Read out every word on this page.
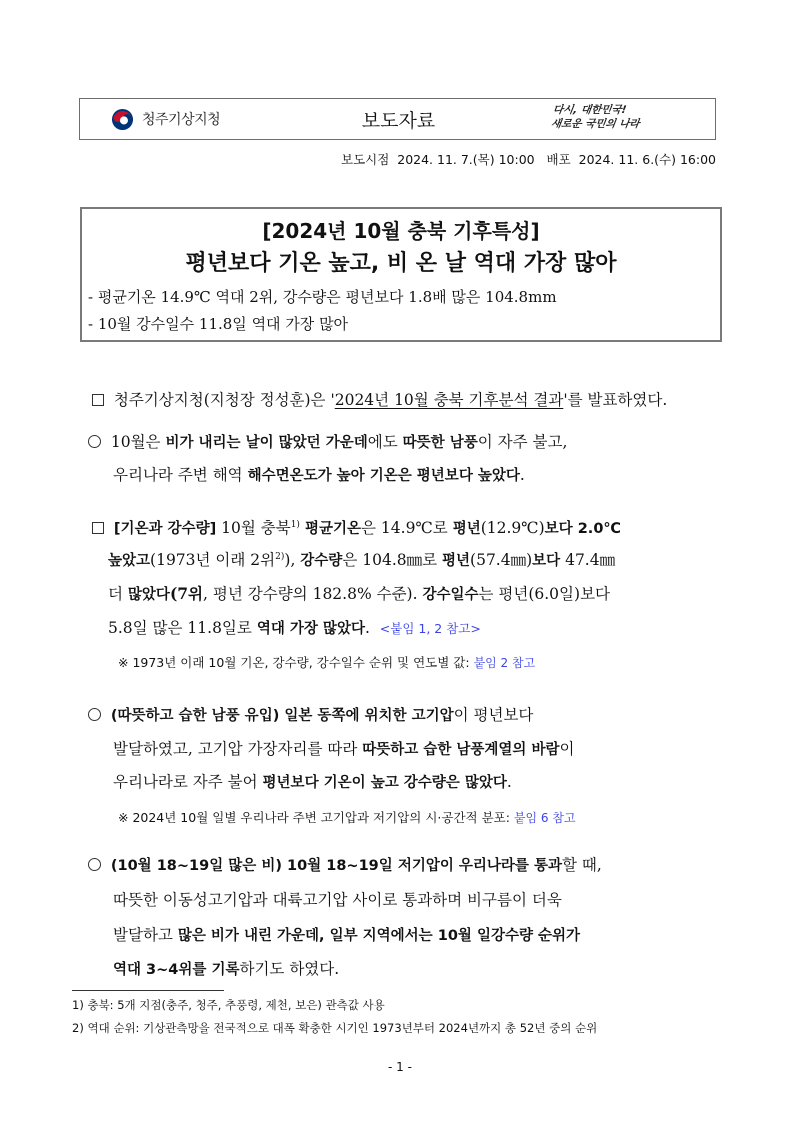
청주기상지청	보도자료	다시, 대한민국!
새로운 국민의 나라
보도시점  2024. 11. 7.(목) 10:00   배포  2024. 11. 6.(수) 16:00
[2024년 10월 충북 기후특성]
평년보다 기온 높고, 비 온 날 역대 가장 많아
- 평균기온 14.9℃ 역대 2위, 강수량은 평년보다 1.8배 많은 104.8mm
- 10월 강수일수 11.8일 역대 가장 많아
청주기상지청(지청장 정성훈)은 '2024년 10월 충북 기후분석 결과'를 발표하였다.
10월은 비가 내리는 날이 많았던 가운데에도 따뜻한 남풍이 자주 불고,
우리나라 주변 해역 해수면온도가 높아 기온은 평년보다 높았다.
[기온과 강수량] 10월 충북$^{1)}$ 평균기온은 14.9℃로 평년(12.9℃)보다 2.0℃
높았고(1973년 이래 2위$^{2)}$), 강수량은 104.8㎜로 평년(57.4㎜)보다 47.4㎜
더 많았다(7위, 평년 강수량의 182.8% 수준). 강수일수는 평년(6.0일)보다
5.8일 많은 11.8일로 역대 가장 많았다. <붙임 1, 2 참고>
※ 1973년 이래 10월 기온, 강수량, 강수일수 순위 및 연도별 값: 붙임 2 참고
(따뜻하고 습한 남풍 유입) 일본 동쪽에 위치한 고기압이 평년보다
발달하였고, 고기압 가장자리를 따라 따뜻하고 습한 남풍계열의 바람이
우리나라로 자주 불어 평년보다 기온이 높고 강수량은 많았다.
※ 2024년 10월 일별 우리나라 주변 고기압과 저기압의 시·공간적 분포: 붙임 6 참고
(10월 18~19일 많은 비) 10월 18~19일 저기압이 우리나라를 통과할 때,
따뜻한 이동성고기압과 대륙고기압 사이로 통과하며 비구름이 더욱
발달하고 많은 비가 내린 가운데, 일부 지역에서는 10월 일강수량 순위가
역대 3~4위를 기록하기도 하였다.
1) 충북: 5개 지점(충주, 청주, 추풍령, 제천, 보은) 관측값 사용
2) 역대 순위: 기상관측망을 전국적으로 대폭 확충한 시기인 1973년부터 2024년까지 총 52년 중의 순위
- 1 -
